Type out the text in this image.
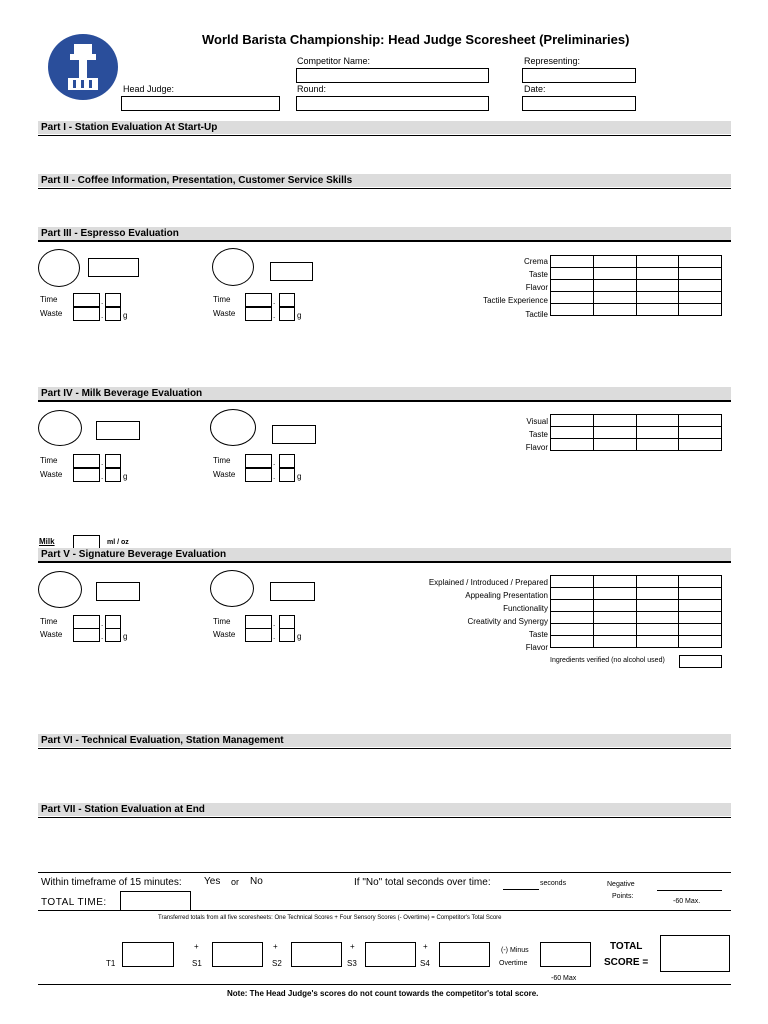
World Barista Championship: Head Judge Scoresheet (Preliminaries)
Competitor Name:	Representing:
Head Judge:	Round:	Date:
Part I - Station Evaluation At Start-Up
Part II - Coffee Information, Presentation, Customer Service Skills
Part III - Espresso Evaluation
Time	.
Waste	. g
Time	.
Waste	.	g
Crema
Taste
Flavor
Tactile Experience
Tactile

Part IV - Milk Beverage Evaluation
Time	.
Waste	. g
Time	.
Waste	.	g
Visual
Taste
Flavor

Milk	ml / oz
Part V - Signature Beverage Evaluation
Time	.
Waste	. g
Time	.
Waste	.	g
Explained / Introduced / Prepared
Appealing Presentation
Functionality
Creativity and Synergy
Taste
Flavor

Ingredients verified (no alcohol used)
Part VI - Technical Evaluation, Station Management
Part VII - Station Evaluation at End
Within timeframe of 15 minutes: Yes or No	If "No" total seconds over time:	seconds	Negative
Points:
-60 Max.
TOTAL TIME:
Transferred totals from all five scoresheets: One Technical Scores + Four Sensory Scores (- Overtime) = Competitor's Total Score
T1
+
S1
+
S2
+
S3
+
S4
(-) Minus
Overtime
-60 Max
TOTAL
SCORE =
Note: The Head Judge's scores do not count towards the competitor's total score.
